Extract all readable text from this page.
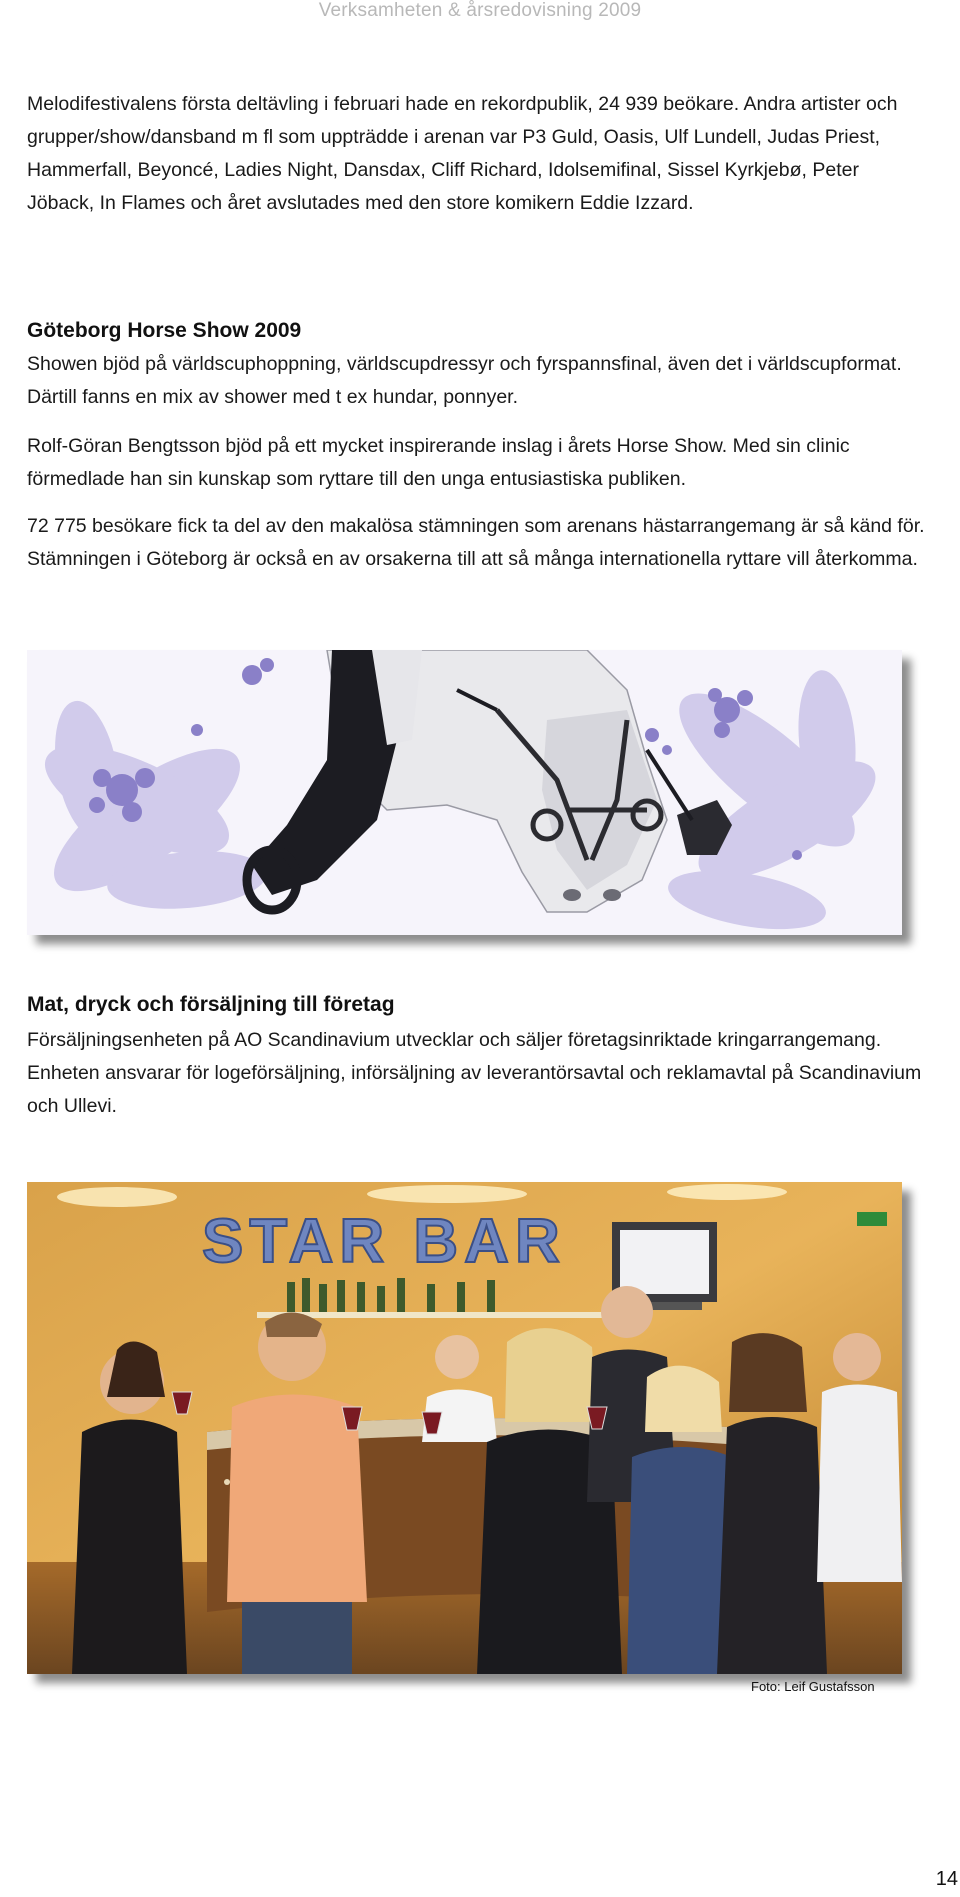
Verksamheten & årsredovisning 2009

Melodifestivalens första deltävling i februari hade en rekordpublik, 24 939 beökare. Andra artister och grupper/show/dansband m fl som uppträdde i arenan var P3 Guld, Oasis, Ulf Lundell, Judas Priest, Hammerfall, Beyoncé, Ladies Night, Dansdax, Cliff Richard, Idolsemifinal, Sissel Kyrkjebø, Peter Jöback, In Flames och året avslutades med den store komikern Eddie Izzard.

Göteborg Horse Show 2009

Showen bjöd på världscuphoppning, världscupdressyr och fyrspannsfinal, även det i världscupformat. Därtill fanns en mix av shower med t ex hundar, ponnyer.

Rolf-Göran Bengtsson bjöd på ett mycket inspirerande inslag i årets Horse Show. Med sin clinic förmedlade han sin kunskap som ryttare till den unga entusiastiska publiken.

72 775 besökare fick ta del av den makalösa stämningen som arenans hästarrangemang är så känd för. Stämningen i Göteborg är också en av orsakerna till att så många internationella ryttare vill återkomma.

Mat, dryck och försäljning till företag

Försäljningsenheten på AO Scandinavium utvecklar och säljer företagsinriktade kringarrangemang. Enheten ansvarar för logeförsäljning, införsäljning av leverantörsavtal och reklamavtal på Scandinavium och Ullevi.

STAR BAR
Foto: Leif Gustafsson
14
